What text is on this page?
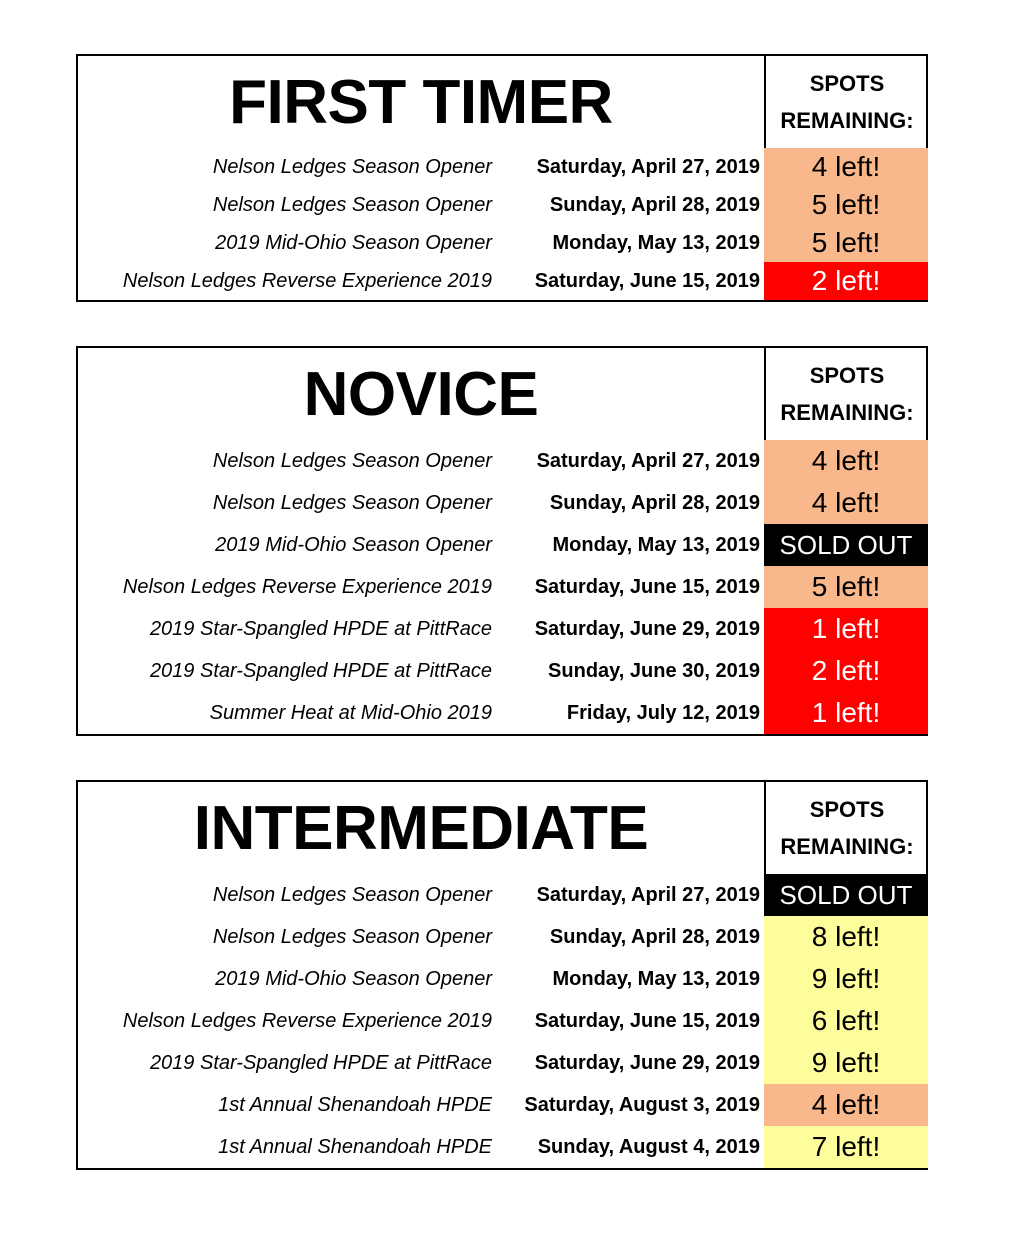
FIRST TIMER	SPOTS
REMAINING:
Nelson Ledges Season Opener	Saturday, April 27, 2019	4 left!
Nelson Ledges Season Opener	Sunday, April 28, 2019	5 left!
2019 Mid-Ohio Season Opener	Monday, May 13, 2019	5 left!
Nelson Ledges Reverse Experience 2019	Saturday, June 15, 2019	2 left!
NOVICE	SPOTS
REMAINING:
Nelson Ledges Season Opener	Saturday, April 27, 2019	4 left!
Nelson Ledges Season Opener	Sunday, April 28, 2019	4 left!
2019 Mid-Ohio Season Opener	Monday, May 13, 2019 SOLD OUT
Nelson Ledges Reverse Experience 2019	Saturday, June 15, 2019	5 left!
2019 Star-Spangled HPDE at PittRace	Saturday, June 29, 2019	1 left!
2019 Star-Spangled HPDE at PittRace	Sunday, June 30, 2019	2 left!
Summer Heat at Mid-Ohio 2019	Friday, July 12, 2019	1 left!
INTERMEDIATE	SPOTS
REMAINING:
Nelson Ledges Season Opener	Saturday, April 27, 2019 SOLD OUT
Nelson Ledges Season Opener	Sunday, April 28, 2019	8 left!
2019 Mid-Ohio Season Opener	Monday, May 13, 2019	9 left!
Nelson Ledges Reverse Experience 2019	Saturday, June 15, 2019	6 left!
2019 Star-Spangled HPDE at PittRace	Saturday, June 29, 2019	9 left!
1st Annual Shenandoah HPDE	Saturday, August 3, 2019	4 left!
1st Annual Shenandoah HPDE	Sunday, August 4, 2019	7 left!
